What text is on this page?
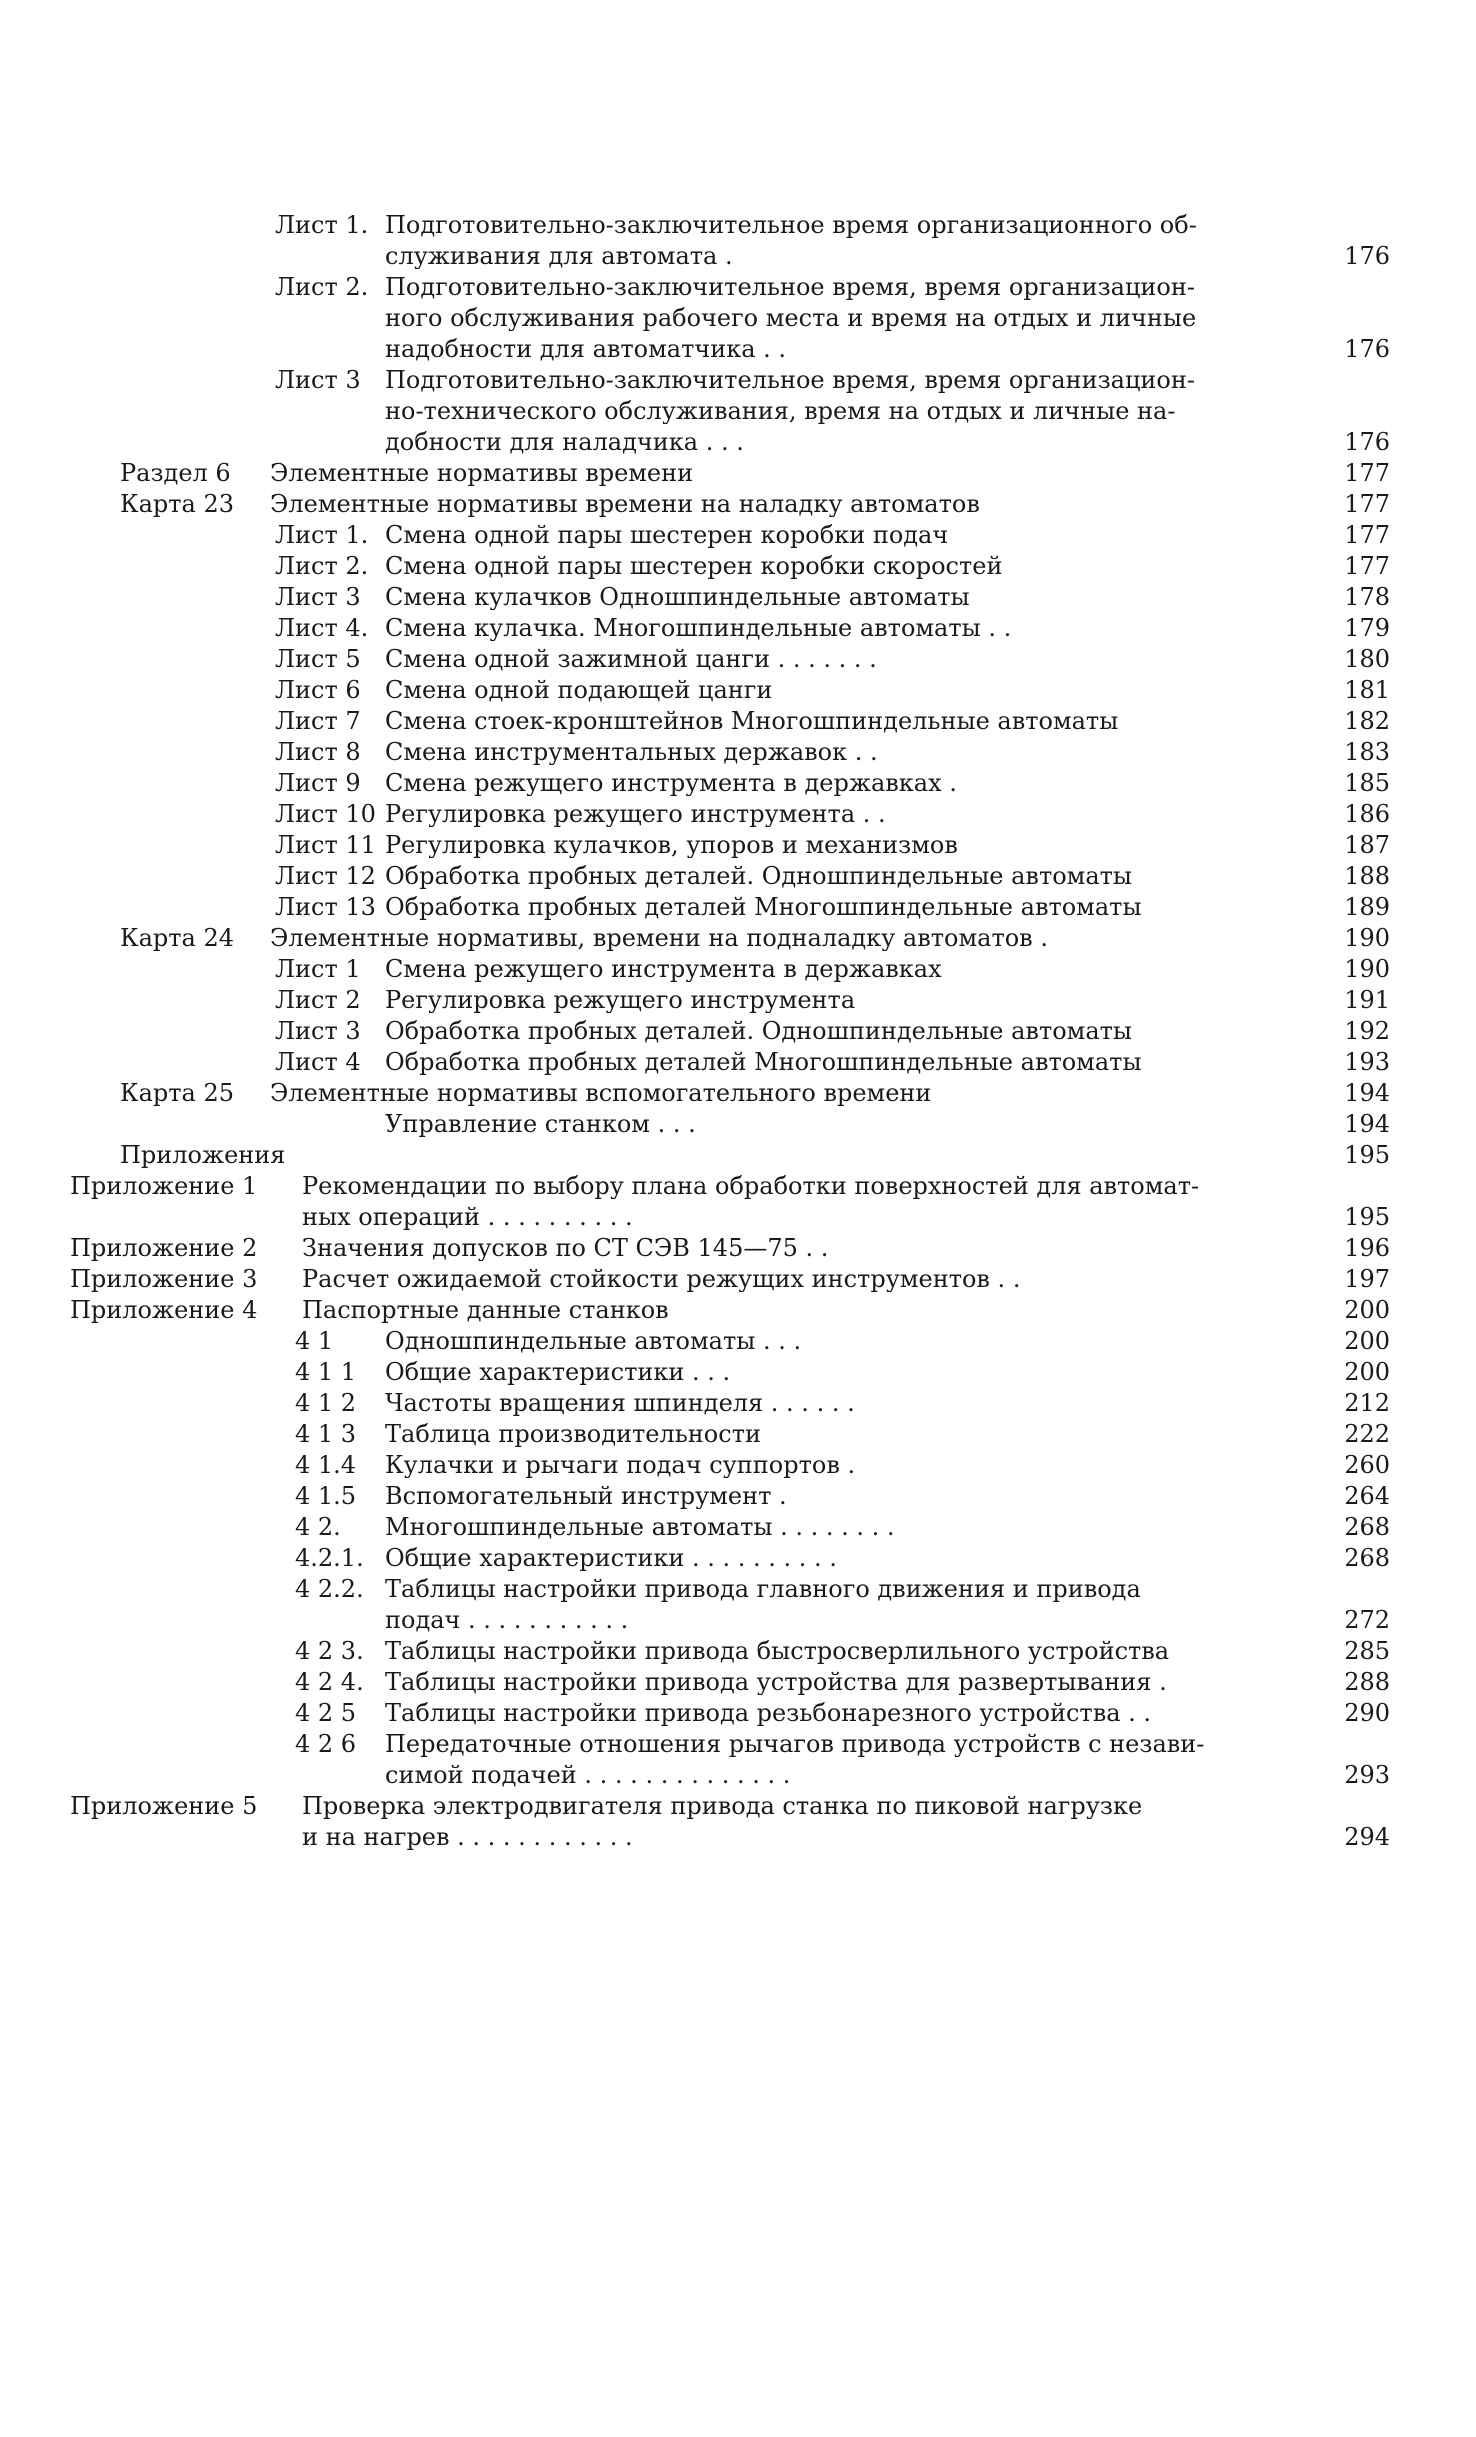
Лист 1. Подготовительно-заключительное время организационного об-
служивания для автомата .	176
Лист 2. Подготовительно-заключительное время, время организацион-
ного обслуживания рабочего места и время на отдых и личные
надобности для автоматчика . .	176
Лист 3 Подготовительно-заключительное время, время организацион-
но-технического обслуживания, время на отдых и личные на-
добности для наладчика . . .	176
Раздел 6 Элементные нормативы времени	177
Карта 23 Элементные нормативы времени на наладку автоматов	177
Лист 1. Смена одной пары шестерен коробки подач	177
Лист 2. Смена одной пары шестерен коробки скоростей	177
Лист 3 Смена кулачков Одношпиндельные автоматы	178
Лист 4. Смена кулачка. Многошпиндельные автоматы . .	179
Лист 5 Смена одной зажимной цанги . . . . . . .	180
Лист 6 Смена одной подающей цанги	181
Лист 7 Смена стоек-кронштейнов Многошпиндельные автоматы	182
Лист 8 Смена инструментальных державок . .	183
Лист 9 Смена режущего инструмента в державках .	185
Лист 10 Регулировка режущего инструмента . .	186
Лист 11 Регулировка кулачков, упоров и механизмов	187
Лист 12 Обработка пробных деталей. Одношпиндельные автоматы	188
Лист 13 Обработка пробных деталей Многошпиндельные автоматы	189
Карта 24 Элементные нормативы, времени на подналадку автоматов .	190
Лист 1 Смена режущего инструмента в державках	190
Лист 2 Регулировка режущего инструмента	191
Лист 3 Обработка пробных деталей. Одношпиндельные автоматы	192
Лист 4 Обработка пробных деталей Многошпиндельные автоматы	193
Карта 25 Элементные нормативы вспомогательного времени	194
Управление станком . . .	194
Приложения	195
Приложение 1 Рекомендации по выбору плана обработки поверхностей для автомат-
ных операций . . . . . . . . . .	195
Приложение 2 Значения допусков по СТ СЭВ 145—75 . .	196
Приложение 3 Расчет ожидаемой стойкости режущих инструментов . .	197
Приложение 4 Паспортные данные станков	200
4 1 Одношпиндельные автоматы . . .	200
4 1 1 Общие характеристики . . .	200
4 1 2 Частоты вращения шпинделя . . . . . .	212
4 1 3 Таблица производительности	222
4 1.4 Кулачки и рычаги подач суппортов .	260
4 1.5 Вспомогательный инструмент .	264
4 2. Многошпиндельные автоматы . . . . . . . .	268
4.2.1. Общие характеристики . . . . . . . . . .	268
4 2.2. Таблицы настройки привода главного движения и привода
подач . . . . . . . . . . .	272
4 2 3. Таблицы настройки привода быстросверлильного устройства	285
4 2 4. Таблицы настройки привода устройства для развертывания .	288
4 2 5 Таблицы настройки привода резьбонарезного устройства . .	290
4 2 6 Передаточные отношения рычагов привода устройств с незави-
симой подачей . . . . . . . . . . . . . .	293
Приложение 5 Проверка электродвигателя привода станка по пиковой нагрузке
и на нагрев . . . . . . . . . . . .	294
